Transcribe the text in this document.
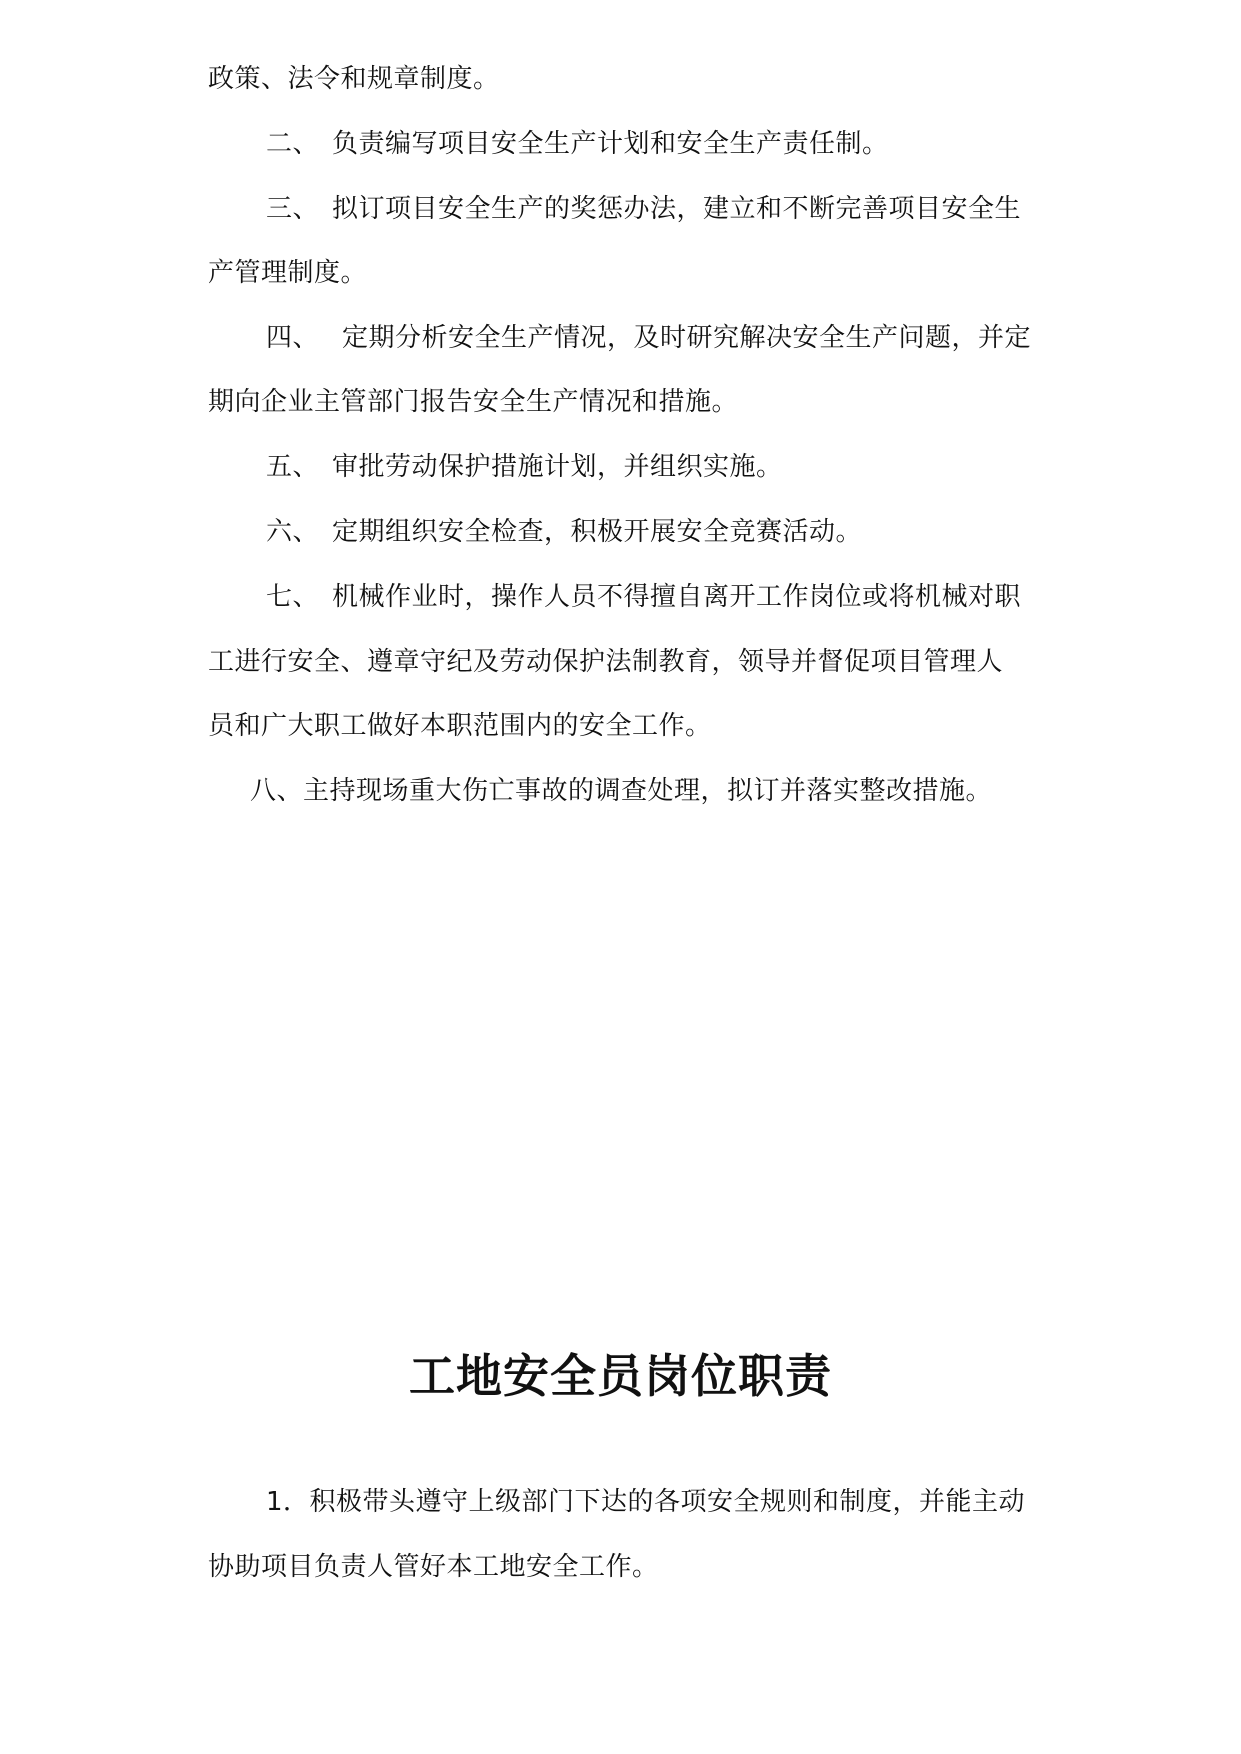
政策、法令和规章制度。
二、 负责编写项目安全生产计划和安全生产责任制。
三、 拟订项目安全生产的奖惩办法，建立和不断完善项目安全生
产管理制度。
四、 定期分析安全生产情况，及时研究解决安全生产问题，并定
期向企业主管部门报告安全生产情况和措施。
五、 审批劳动保护措施计划，并组织实施。
六、 定期组织安全检查，积极开展安全竞赛活动。
七、 机械作业时，操作人员不得擅自离开工作岗位或将机械对职
工进行安全、遵章守纪及劳动保护法制教育，领导并督促项目管理人
员和广大职工做好本职范围内的安全工作。
八、主持现场重大伤亡事故的调查处理，拟订并落实整改措施。
工地安全员岗位职责
1．积极带头遵守上级部门下达的各项安全规则和制度，并能主动
协助项目负责人管好本工地安全工作。
